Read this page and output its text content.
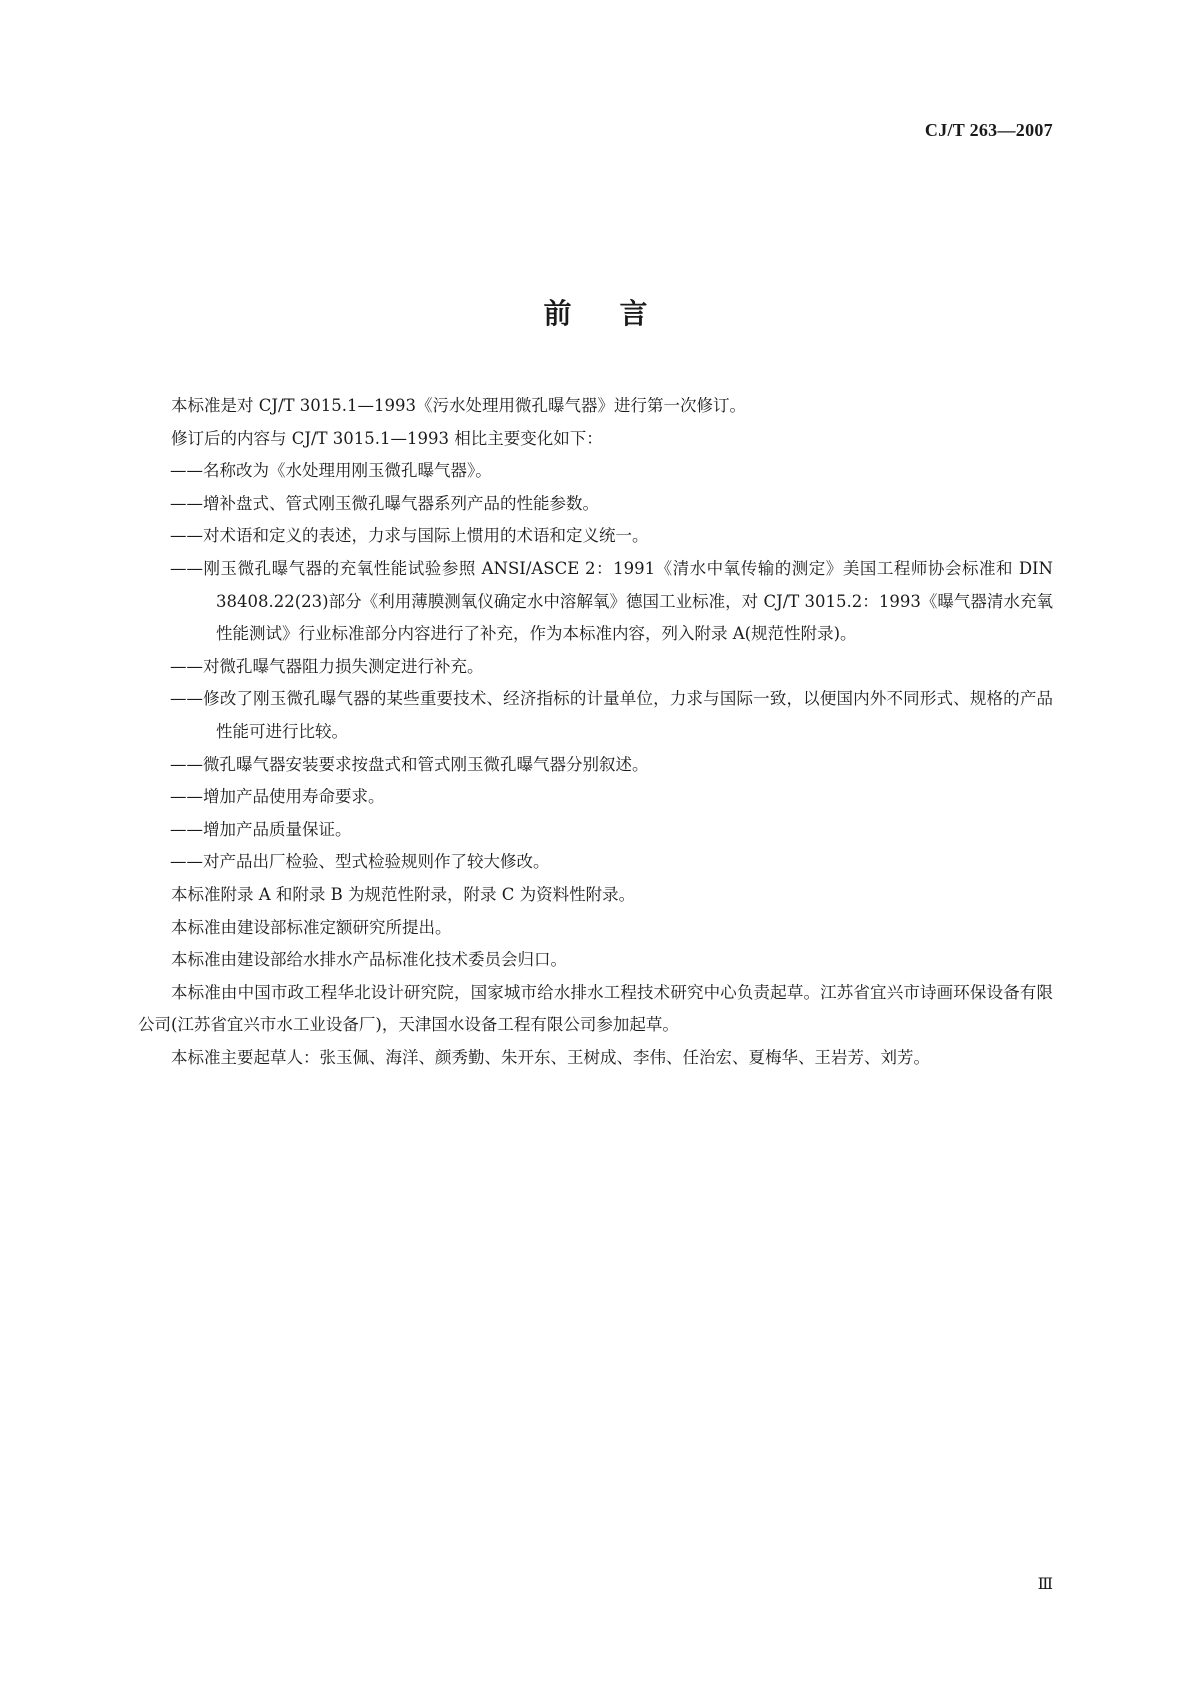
CJ/T 263—2007
前言

本标准是对 CJ/T 3015.1—1993《污水处理用微孔曝气器》进行第一次修订。

修订后的内容与 CJ/T 3015.1—1993 相比主要变化如下：

——名称改为《水处理用刚玉微孔曝气器》。

——增补盘式、管式刚玉微孔曝气器系列产品的性能参数。

——对术语和定义的表述，力求与国际上惯用的术语和定义统一。

——刚玉微孔曝气器的充氧性能试验参照 ANSI/ASCE 2：1991《清水中氧传输的测定》美国工程师协会标准和 DIN 38408.22(23)部分《利用薄膜测氧仪确定水中溶解氧》德国工业标准，对 CJ/T 3015.2：1993《曝气器清水充氧性能测试》行业标准部分内容进行了补充，作为本标准内容，列入附录 A(规范性附录)。

——对微孔曝气器阻力损失测定进行补充。

——修改了刚玉微孔曝气器的某些重要技术、经济指标的计量单位，力求与国际一致，以便国内外不同形式、规格的产品性能可进行比较。

——微孔曝气器安装要求按盘式和管式刚玉微孔曝气器分别叙述。

——增加产品使用寿命要求。

——增加产品质量保证。

——对产品出厂检验、型式检验规则作了较大修改。

本标准附录 A 和附录 B 为规范性附录，附录 C 为资料性附录。

本标准由建设部标准定额研究所提出。

本标准由建设部给水排水产品标准化技术委员会归口。

本标准由中国市政工程华北设计研究院，国家城市给水排水工程技术研究中心负责起草。江苏省宜兴市诗画环保设备有限公司(江苏省宜兴市水工业设备厂)，天津国水设备工程有限公司参加起草。

本标准主要起草人：张玉佩、海洋、颜秀勤、朱开东、王树成、李伟、任治宏、夏梅华、王岩芳、刘芳。

Ⅲ
